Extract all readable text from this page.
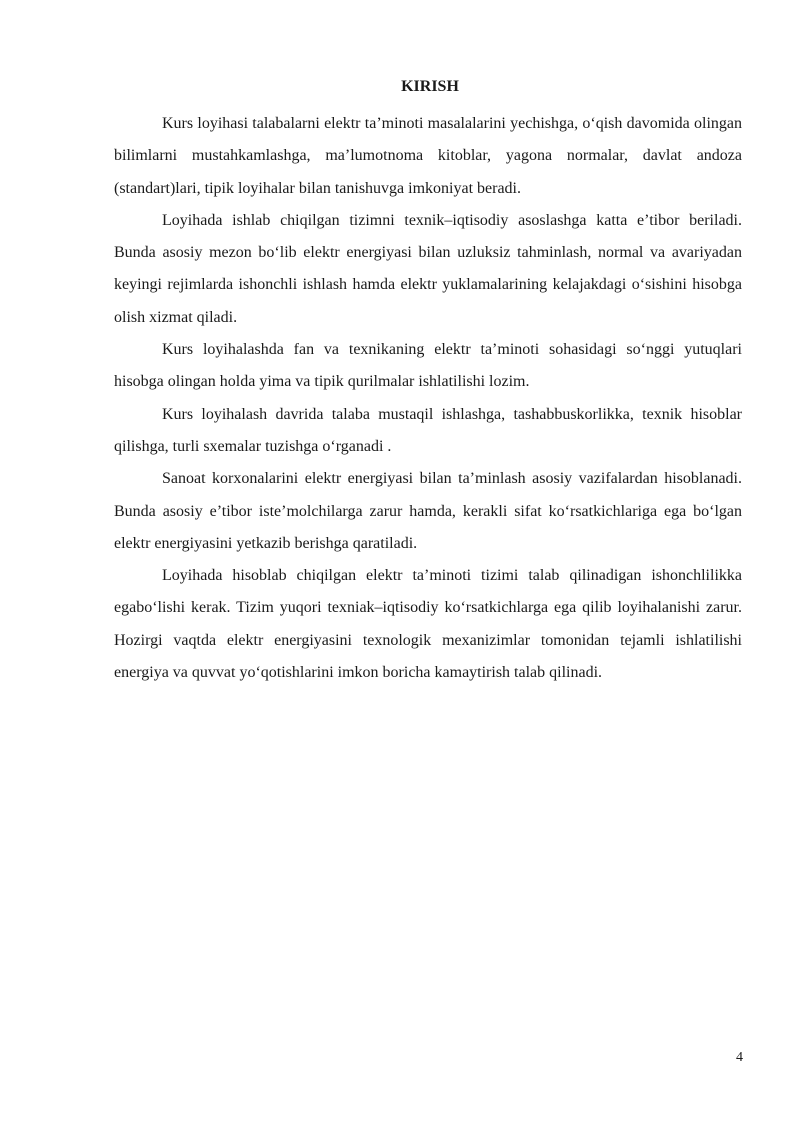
KIRISH

Kurs loyihasi talabalarni elektr ta’minoti masalalarini yechishga, o‘qish davomida olingan bilimlarni mustahkamlashga, ma’lumotnoma kitoblar, yagona normalar, davlat andoza (standart)lari, tipik loyihalar bilan tanishuvga imkoniyat beradi.

Loyihada ishlab chiqilgan tizimni texnik–iqtisodiy asoslashga katta e’tibor beriladi. Bunda asosiy mezon bo‘lib elektr energiyasi bilan uzluksiz tahminlash, normal va avariyadan keyingi rejimlarda ishonchli ishlash hamda elektr yuklamalarining kelajakdagi o‘sishini hisobga olish xizmat qiladi.

Kurs loyihalashda fan va texnikaning elektr ta’minoti sohasidagi so‘nggi yutuqlari hisobga olingan holda yima va tipik qurilmalar ishlatilishi lozim.

Kurs loyihalash davrida talaba mustaqil ishlashga, tashabbuskorlikka, texnik hisoblar qilishga, turli sxemalar tuzishga o‘rganadi .

Sanoat korxonalarini elektr energiyasi bilan ta’minlash asosiy vazifalardan hisoblanadi. Bunda asosiy e’tibor iste’molchilarga zarur hamda, kerakli sifat ko‘rsatkichlariga ega bo‘lgan elektr energiyasini yetkazib berishga qaratiladi.

Loyihada hisoblab chiqilgan elektr ta’minoti tizimi talab qilinadigan ishonchlilikka egabo‘lishi kerak. Tizim yuqori texniak–iqtisodiy ko‘rsatkichlarga ega qilib loyihalanishi zarur. Hozirgi vaqtda elektr energiyasini texnologik mexanizimlar tomonidan tejamli ishlatilishi energiya va quvvat yo‘qotishlarini imkon boricha kamaytirish talab qilinadi.

4
